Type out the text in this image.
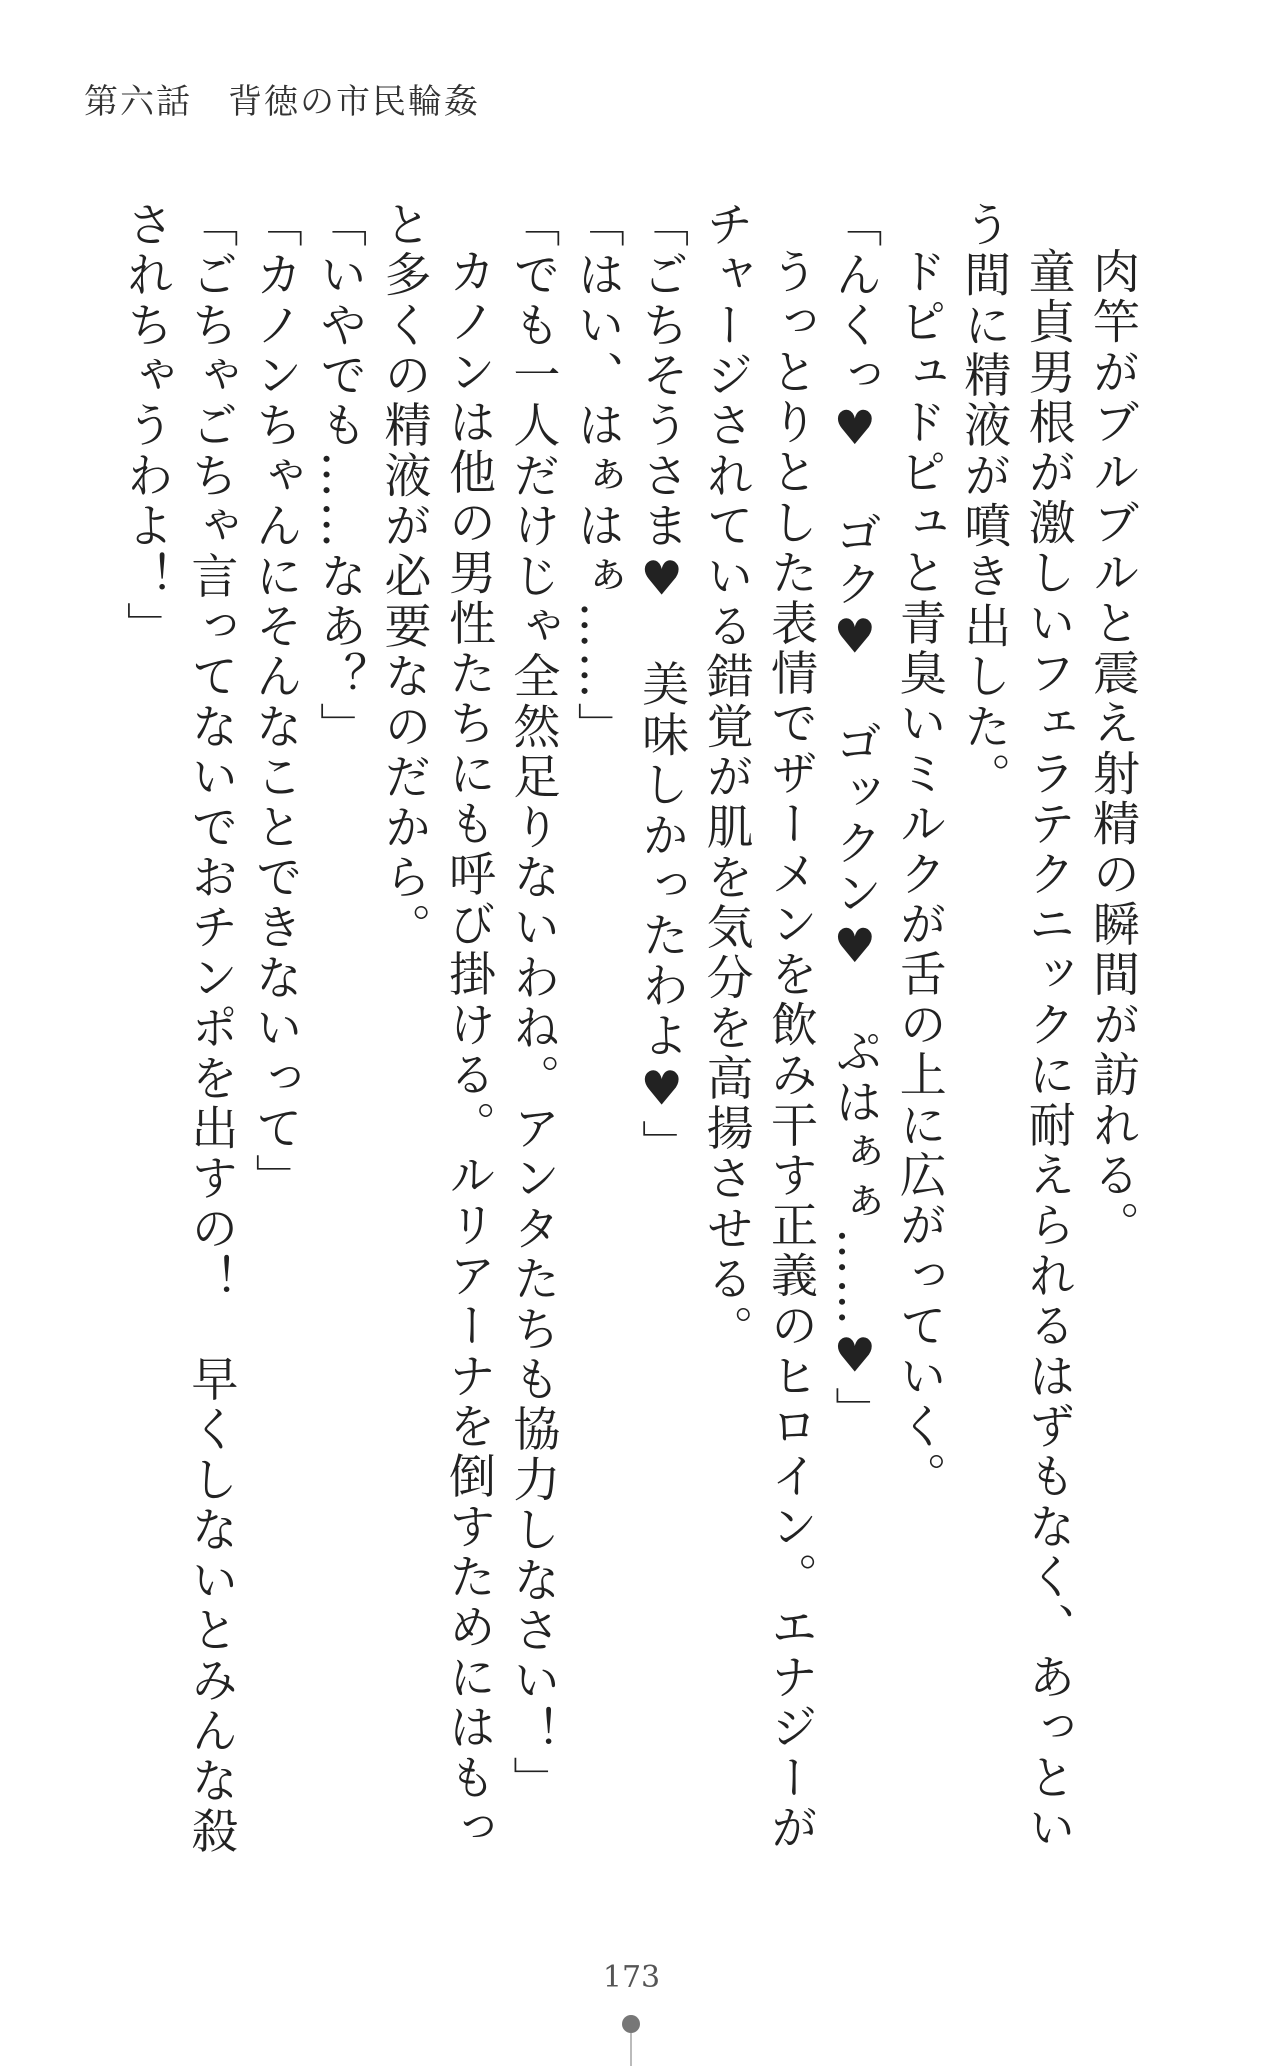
第六話　背徳の市民輪姦

肉竿がブルブルと震え射精の瞬間が訪れる。

童貞男根が激しいフェラテクニックに耐えられるはずもなく、あっという間に精液が噴き出した。

ドピュドピュと青臭いミルクが舌の上に広がっていく。

「んくっ♥　ゴク♥　ゴックン♥　ぷはぁぁ……♥」

うっとりとした表情でザーメンを飲み干す正義のヒロイン。エナジーがチャージされている錯覚が肌を気分を高揚させる。

「ごちそうさま♥　美味しかったわよ♥」

「はい、はぁはぁ……」

「でも一人だけじゃ全然足りないわね。アンタたちも協力しなさい！」

カノンは他の男性たちにも呼び掛ける。ルリアーナを倒すためにはもっと多くの精液が必要なのだから。

「いやでも……なあ？」

「カノンちゃんにそんなことできないって」

「ごちゃごちゃ言ってないでおチンポを出すの！　早くしないとみんな殺されちゃうわよ！」

173
